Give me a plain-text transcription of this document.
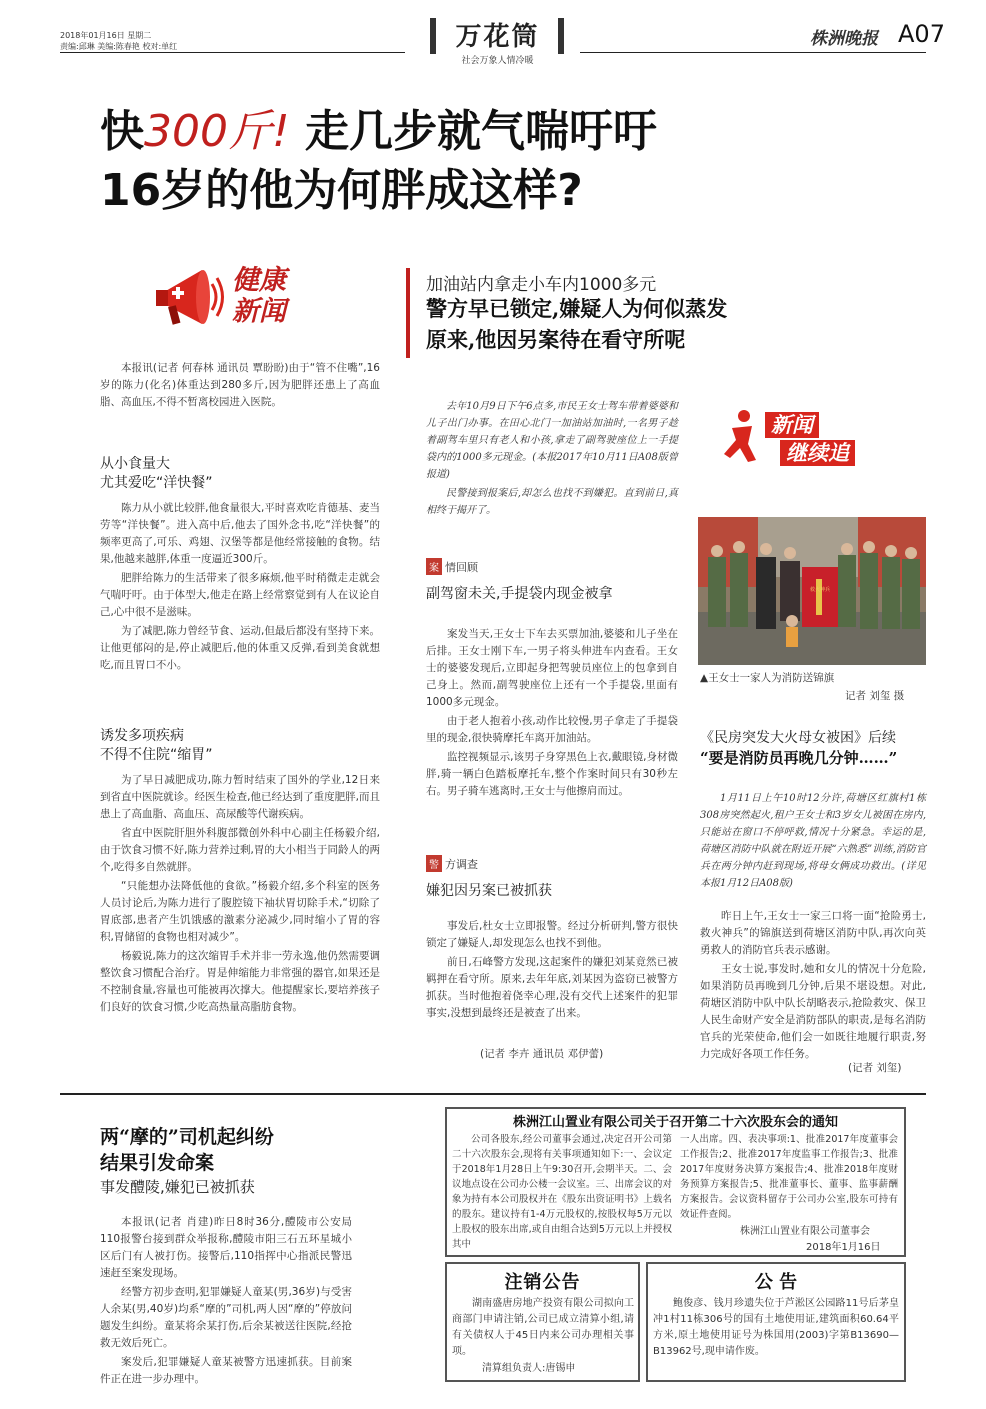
2018年01月16日 星期二
责编:邱琳 美编:陈春艳 校对:单红	万花筒
社会万象人情冷暖
株洲晚报 A07
快300斤! 走几步就气喘吁吁
16岁的他为何胖成这样?
健康
新闻

本报讯(记者 何春林 通讯员 覃盼盼)由于“管不住嘴”,16岁的陈力(化名)体重达到280多斤,因为肥胖还患上了高血脂、高血压,不得不暂离校园进入医院。

从小食量大
尤其爱吃“洋快餐”

陈力从小就比较胖,他食量很大,平时喜欢吃肯德基、麦当劳等“洋快餐”。进入高中后,他去了国外念书,吃“洋快餐”的频率更高了,可乐、鸡翅、汉堡等都是他经常接触的食物。结果,他越来越胖,体重一度逼近300斤。

肥胖给陈力的生活带来了很多麻烦,他平时稍微走走就会气喘吁吁。由于体型大,他走在路上经常察觉到有人在议论自己,心中很不是滋味。

为了减肥,陈力曾经节食、运动,但最后都没有坚持下来。让他更郁闷的是,停止减肥后,他的体重又反弹,看到美食就想吃,而且胃口不小。

诱发多项疾病
不得不住院“缩胃”

为了早日减肥成功,陈力暂时结束了国外的学业,12日来到省直中医院就诊。经医生检查,他已经达到了重度肥胖,而且患上了高血脂、高血压、高尿酸等代谢疾病。

省直中医院肝胆外科腹部微创外科中心副主任杨毅介绍,由于饮食习惯不好,陈力营养过剩,胃的大小相当于同龄人的两个,吃得多自然就胖。

“只能想办法降低他的食欲。”杨毅介绍,多个科室的医务人员讨论后,为陈力进行了腹腔镜下袖状胃切除手术,“切除了胃底部,患者产生饥饿感的激素分泌减少,同时缩小了胃的容积,胃储留的食物也相对减少”。

杨毅说,陈力的这次缩胃手术并非一劳永逸,他仍然需要调整饮食习惯配合治疗。胃是伸缩能力非常强的器官,如果还是不控制食量,容量也可能被再次撑大。他提醒家长,要培养孩子们良好的饮食习惯,少吃高热量高脂肪食物。

加油站内拿走小车内1000多元
警方早已锁定,嫌疑人为何似蒸发
原来,他因另案待在看守所呢

去年10月9日下午6点多,市民王女士驾车带着婆婆和儿子出门办事。在田心北门一加油站加油时,一名男子趁着副驾车里只有老人和小孩,拿走了副驾驶座位上一手提袋内的1000多元现金。(本报2017年10月11日A08版曾报道)

民警接到报案后,却怎么也找不到嫌犯。直到前日,真相终于揭开了。

新闻
继续追
案 情回顾
副驾窗未关,手提袋内现金被拿

案发当天,王女士下车去买票加油,婆婆和儿子坐在后排。王女士刚下车,一男子将头伸进车内查看。王女士的婆婆发现后,立即起身把驾驶员座位上的包拿到自己身上。然而,副驾驶座位上还有一个手提袋,里面有1000多元现金。

由于老人抱着小孩,动作比较慢,男子拿走了手提袋里的现金,很快骑摩托车离开加油站。

监控视频显示,该男子身穿黑色上衣,戴眼镜,身材微胖,骑一辆白色踏板摩托车,整个作案时间只有30秒左右。男子骑车逃离时,王女士与他擦肩而过。

警 方调查
嫌犯因另案已被抓获

事发后,杜女士立即报警。经过分析研判,警方很快锁定了嫌疑人,却发现怎么也找不到他。

前日,石峰警方发现,这起案件的嫌犯刘某竟然已被羁押在看守所。原来,去年年底,刘某因为盗窃已被警方抓获。当时他抱着侥幸心理,没有交代上述案件的犯罪事实,没想到最终还是被查了出来。

(记者 李卉 通讯员 邓伊蕾)
救火神兵
▲王女士一家人为消防送锦旗
记者 刘玺 摄
《民房突发大火母女被困》后续
“要是消防员再晚几分钟……”

1月11日上午10时12分许,荷塘区红旗村1栋308房突然起火,租户王女士和3岁女儿被困在房内,只能站在窗口不停呼救,情况十分紧急。幸运的是,荷塘区消防中队就在附近开展“六熟悉”训练,消防官兵在两分钟内赶到现场,将母女俩成功救出。(详见本报1月12日A08版)

昨日上午,王女士一家三口将一面“抢险勇士,救火神兵”的锦旗送到荷塘区消防中队,再次向英勇救人的消防官兵表示感谢。

王女士说,事发时,她和女儿的情况十分危险,如果消防员再晚到几分钟,后果不堪设想。对此,荷塘区消防中队中队长胡略表示,抢险救灾、保卫人民生命财产安全是消防部队的职责,是每名消防官兵的光荣使命,他们会一如既往地履行职责,努力完成好各项工作任务。

(记者 刘玺)
两“摩的”司机起纠纷
结果引发命案
事发醴陵,嫌犯已被抓获

本报讯(记者 肖建)昨日8时36分,醴陵市公安局110报警台接到群众举报称,醴陵市阳三石五环星城小区后门有人被打伤。接警后,110指挥中心指派民警迅速赶至案发现场。

经警方初步查明,犯罪嫌疑人童某(男,36岁)与受害人余某(男,40岁)均系“摩的”司机,两人因“摩的”停放问题发生纠纷。童某将余某打伤,后余某被送往医院,经抢救无效后死亡。

案发后,犯罪嫌疑人童某被警方迅速抓获。目前案件正在进一步办理中。

株洲江山置业有限公司关于召开第二十六次股东会的通知

公司各股东,经公司董事会通过,决定召开公司第二十六次股东会,现将有关事项通知如下:一、会议定于2018年1月28日上午9:30召开,会期半天。二、会议地点设在公司办公楼一会议室。三、出席会议的对象为持有本公司股权并在《股东出资证明书》上载名的股东。建议持有1-4万元股权的,按股权每5万元以上股权的股东出席,或自由组合达到5万元以上并授权其中

一人出席。四、表决事项:1、批准2017年度董事会工作报告;2、批准2017年度监事工作报告;3、批准2017年度财务决算方案报告;4、批准2018年度财务预算方案报告;5、批准董事长、董事、监事薪酬方案报告。会议资料留存于公司办公室,股东可持有效证件查阅。

株洲江山置业有限公司董事会
2018年1月16日
注销公告

湖南盛唐房地产投资有限公司拟向工商部门申请注销,公司已成立清算小组,请有关债权人于45日内来公司办理相关事项。

清算组负责人:唐锡申
公 告

鲍俊彦、钱月珍遗失位于芦淞区公园路11号后茅皇冲1村11栋306号的国有土地使用证,建筑面积60.64平方米,原土地使用证号为株国用(2003)字第B13690—B13962号,现申请作废。
